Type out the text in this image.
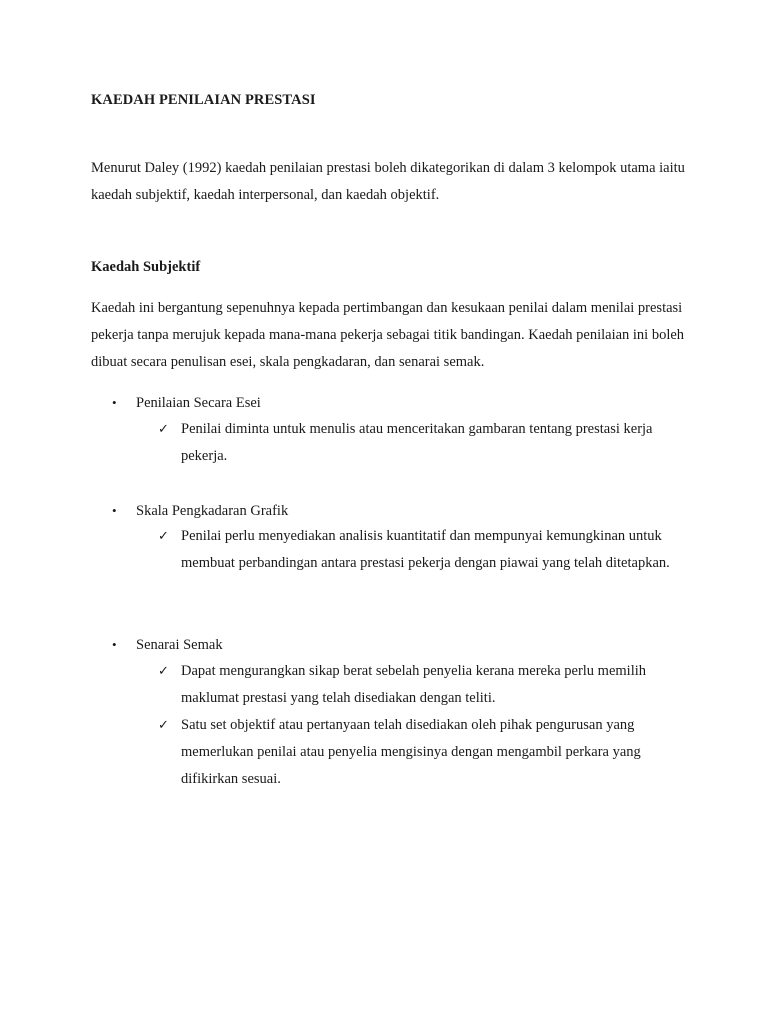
KAEDAH PENILAIAN PRESTASI
Menurut Daley (1992) kaedah penilaian prestasi boleh dikategorikan di dalam 3 kelompok utama iaitu kaedah subjektif, kaedah interpersonal, dan kaedah objektif.
Kaedah Subjektif
Kaedah ini bergantung sepenuhnya kepada pertimbangan dan kesukaan penilai dalam menilai prestasi pekerja tanpa merujuk kepada mana-mana pekerja sebagai titik bandingan. Kaedah penilaian ini boleh dibuat secara penulisan esei, skala pengkadaran, dan senarai semak.
• Penilaian Secara Esei
✓ Penilai diminta untuk menulis atau menceritakan gambaran tentang prestasi kerja pekerja.
• Skala Pengkadaran Grafik
✓ Penilai perlu menyediakan analisis kuantitatif dan mempunyai kemungkinan untuk membuat perbandingan antara prestasi pekerja dengan piawai yang telah ditetapkan.
• Senarai Semak
✓ Dapat mengurangkan sikap berat sebelah penyelia kerana mereka perlu memilih maklumat prestasi yang telah disediakan dengan teliti.
✓ Satu set objektif atau pertanyaan telah disediakan oleh pihak pengurusan yang memerlukan penilai atau penyelia mengisinya dengan mengambil perkara yang difikirkan sesuai.
